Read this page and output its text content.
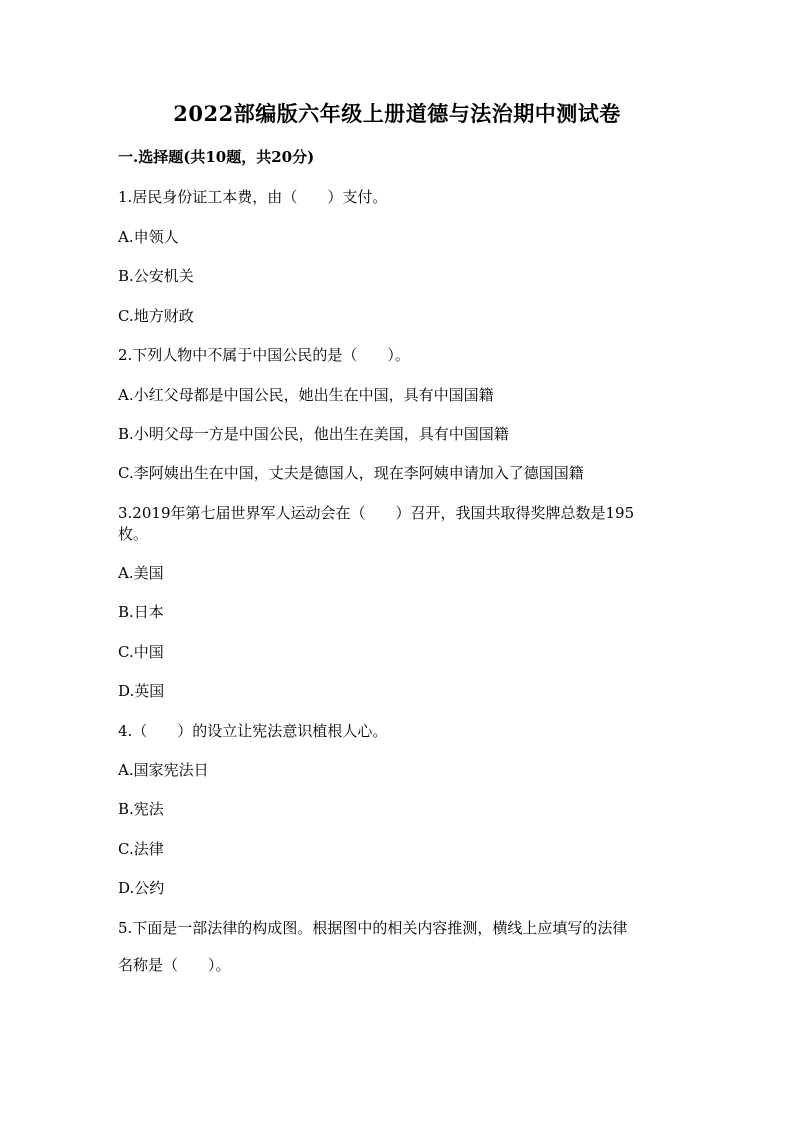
2022部编版六年级上册道德与法治期中测试卷
一.选择题(共10题，共20分)
1.居民身份证工本费，由（　　）支付。
A.申领人
B.公安机关
C.地方财政
2.下列人物中不属于中国公民的是（　　）。
A.小红父母都是中国公民，她出生在中国，具有中国国籍
B.小明父母一方是中国公民，他出生在美国，具有中国国籍
C.李阿姨出生在中国，丈夫是德国人，现在李阿姨申请加入了德国国籍
3.2019年第七届世界军人运动会在（　　）召开，我国共取得奖牌总数是195
枚。
A.美国
B.日本
C.中国
D.英国
4.（　　）的设立让宪法意识植根人心。
A.国家宪法日
B.宪法
C.法律
D.公约
5.下面是一部法律的构成图。根据图中的相关内容推测，横线上应填写的法律
名称是（　　）。
